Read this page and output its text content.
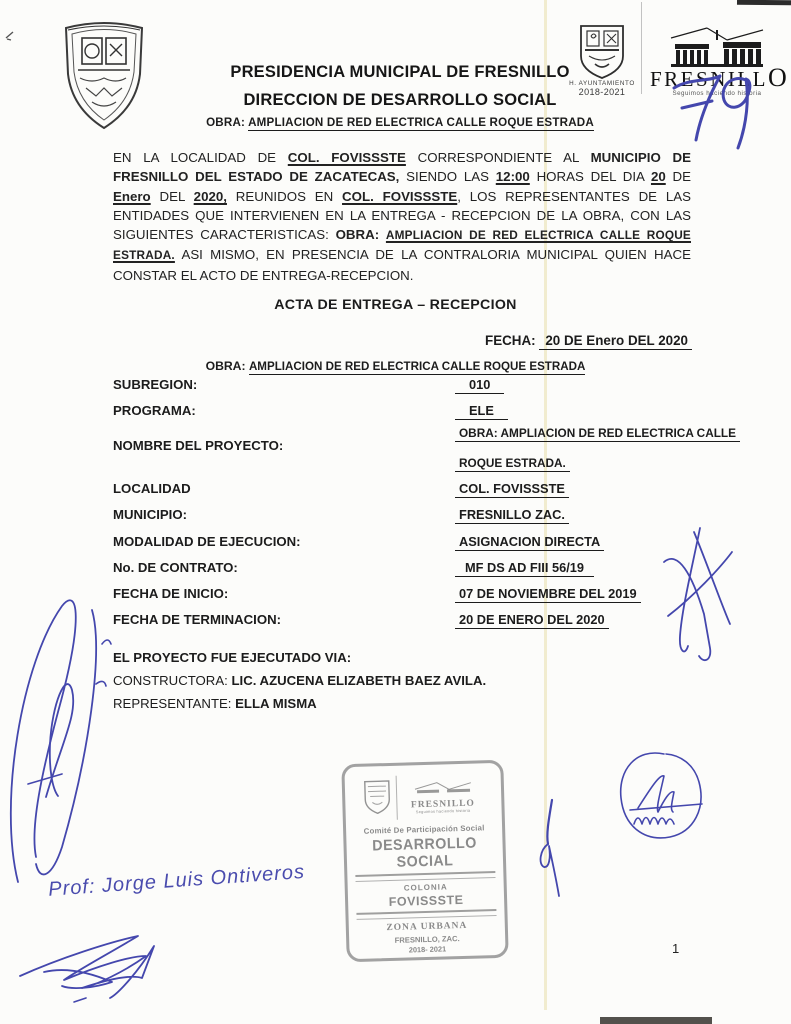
PRESIDENCIA MUNICIPAL DE FRESNILLO
DIRECCION DE DESARROLLO SOCIAL
OBRA: AMPLIACION DE RED ELECTRICA CALLE ROQUE ESTRADA
H. AYUNTAMIENTO
2018-2021
FRESNILLO
Seguimos haciendo historia
EN LA LOCALIDAD DE COL. FOVISSSTE CORRESPONDIENTE AL MUNICIPIO DE FRESNILLO DEL ESTADO DE ZACATECAS, SIENDO LAS 12:00 HORAS DEL DIA 20 DE Enero DEL 2020, REUNIDOS EN COL. FOVISSSTE, LOS REPRESENTANTES DE LAS ENTIDADES QUE INTERVIENEN EN LA ENTREGA - RECEPCION DE LA OBRA, CON LAS SIGUIENTES CARACTERISTICAS: OBRA: AMPLIACION DE RED ELECTRICA CALLE ROQUE ESTRADA. ASI MISMO, EN PRESENCIA DE LA CONTRALORIA MUNICIPAL QUIEN HACE CONSTAR EL ACTO DE ENTREGA-RECEPCION.
ACTA DE ENTREGA – RECEPCION
FECHA: 20 DE Enero DEL 2020
OBRA: AMPLIACION DE RED ELECTRICA CALLE ROQUE ESTRADA
SUBREGION:	010
PROGRAMA:	ELE
NOMBRE DEL PROYECTO:
OBRA: AMPLIACION DE RED ELECTRICA CALLE
ROQUE ESTRADA.
LOCALIDAD	COL. FOVISSSTE
MUNICIPIO:	FRESNILLO ZAC.
MODALIDAD DE EJECUCION:	ASIGNACION DIRECTA
No. DE CONTRATO:	MF DS AD FIII 56/19
FECHA DE INICIO:	07 DE NOVIEMBRE DEL 2019
FECHA DE TERMINACION:	20 DE ENERO DEL 2020
EL PROYECTO FUE EJECUTADO VIA:
CONSTRUCTORA: LIC. AZUCENA ELIZABETH BAEZ AVILA.
REPRESENTANTE: ELLA MISMA
FRESNILLO
Seguimos haciendo historia
Comité De Participación Social
DESARROLLO SOCIAL
COLONIA
FOVISSSTE
ZONA URBANA
FRESNILLO, ZAC.
2018- 2021
Prof: Jorge Luis Ontiveros
1
